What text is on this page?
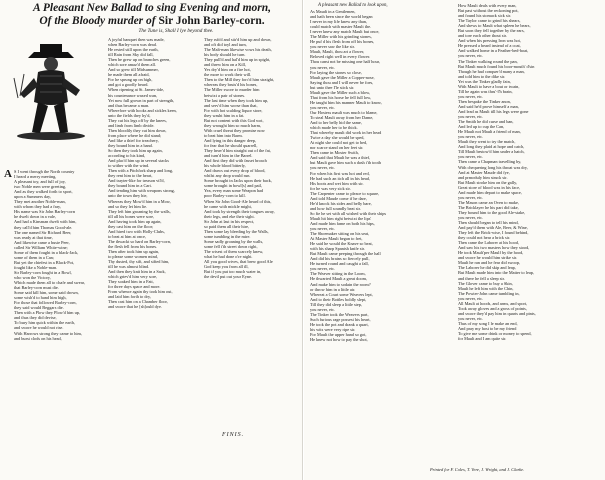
A Pleasant New Ballad to sing Evening and morn,
Of the Bloody murder of Sir John Barley-corn.
The Tune is, Shall I lye beyond thee.
A S I went through the North country
I heard a merry meeting,
A pleasant toy, and full of joy,
two Noble men were greeting,
And as they walked forth to sport,
upon a Summers day,
They met another Noble-man,
with whom they had a fray,
His name was Sir John Barley-corn
he dwelt down in a vale,
And had a Kinsman dwelt with him,
they call'd him Thomas Good-ale.
The one named Sir Richard Beer,
was ready at that time,
And likewise came a busie Peer,
called Sir William White-wine;
Some of them fought in a black-Jack,
some of them in a Can;
But yet the chiefest in a Black-Pot,
fought like a Noble-man.
Sir Barley-corn fought in a Bowl,
who won the Victory,
Which made them all to chafe and swear,
that Barley-corn must die.
Some said kill him, some said drown,
some wish'd to hand him high,
For those that followed Barley-corn,
they said would Beggars die.
Then with a Plow they Plow'd him up,
and thus they did devise,
To bury him quick within the earth,
and swore he would not rise.
With Harrows strong they came to him,
and burst clods on his head,
A joyful banquet then was made,
when Barley-corn was dead.
He rested still upon the earth,
till Rain from Sky did fall,
Then he grew up on branches green,
which sore amaz'd them all.
And so grew till Midsummer,
he made them all afraid,
For he sprung up on high,
and got a goodly beard.
When ripening at St. James-tide,
his countenance waxed wan,
Yet now full grown in part of strength,
and thus became a man.
Wherefore with hooks and sickles keen,
unto the fields they hy'd,
They cut his legs off by the knees,
and limb from limb divide.
Then bloodily they cut him down,
from place where he did stand;
And like a thief for treachery,
they bound him in a band.
So then they took him up again,
according to his kind,
And plac'd him up in several stacks
to wither with the wind.
Then with a Pitchfork sharp and long,
they rent him to the heart,
And trayter-like for treason vil'd,
they bound him in a Cart.
And tending him with weapons strong,
unto the town they hie,
Whereas they Mow'd him in a Mow,
and so they let him lie.
They left him groaning by the walls,
till all his bones were sore,
And having took him up again,
they cast him on the floor;
And hired two with Holly-Clubs,
to beat at him at once,
The thwackt so hard on Barley-corn,
the flesh fell from his bones.
Then after took him up again,
to please some women mind,
Thy dusted, thy sift, and sifted him,
till he was almost blind.
And then they knit him in a Sack,
which griev'd him very sore,
They soaked him in a Fatt,
for three days space and more.
From whence again thy took him out,
and laid him forth to dry,
Then cast him on a Chamber floor,
and swore that he [sh]ould dye.
They rub'd and stir'd him up and down,
and oft did toyl and turn,
The Malt-man likewise vows his death,
his body should he turn.
They pull'd and hal'd him up in spight,
and threw him on a Kill,
Yes dry'd him on a fire hot,
the more to work their will.
Then to the Mill they forc'd him straight,
whereas they bruis'd his bones,
The Miller swore to murder him
betwixt a pair of stones.
The last time when they took him up,
and serv'd him worse than that,
For with hot scalding liquor store,
they washt him in a fat.
But not content with this God wot,
they wrought him so much harm,
With cruel threat they promise now
to beat him into Barm.
And lying in this danger deep,
for fear that he should quarrell,
They heav'd him straight out of the fat,
and turn'd him in the Barrel.
And first they did with fasset broach
his whole blood bitterly,
And draws out every drop of blood,
whilst any drop would run.
Some brought in Jacks upon their back,
some brought in bowl[s] and pail,
Yea, every man some Weapon had
poor Barley-corn to kill.
When Sir John Good-Ale heard of this,
he came with mickle might,
And took by strength their tongues away,
their legs, and eke their sight.
Sir John at last in his respect,
so paid them all their hire,
Then some lay bleeding by the Walls,
some tumbling in the mire.
Some sadly groaning by the walls,
some fell i'th street down right,
The wisest of them scarcely knew,
what he had done o're night.
All you good wives, that brew good Ale
God keep you from all ill,
But if you put too much water in,
the devil put out your Eyne.
FINIS.
A pleasant new Ballad to look upon,
As Maudi in a Gentlemen,
and hath been since the world began
I never in my life knew any than,
could match with master Mault the.
I never knew any match Mault but once,
The Miller with his grinding stones,
He puf d his flesh from off his bones,
you never saw the like sir.
Mault, Mault, thou art a flower,
Beloved right well in every flower.
Thou canst not be missing one half hour,
you never, etc.
For laying the stones so close,
Mault gave the Miller a Copper-nose,
Saying thou and I will never be foes,
but unto thee I'le stick sir.
Mault gave the Miller such a blow,
That from his horse he fell full low,
He taught him his manner Mault to know,
you never, etc.
Our Hostess mault was much to blame,
To steal Mault away from her Dame,
And to her belly hid the same,
which made her to be thick.
That whereby mault did work in her head
Twice a day she would be sped,
At night she could not get to bed,
nor scarce stand on her feet sir.
Then came in Moster Swith,
And said that Mault he was a thief,
but Mault gave him such a dash i'th tooth
you never, etc.
For when his first was hot and red,
He had such an itch all in his head,
His boots and wet him with sir.
for he was very sick sir.
The Carpenter came to pleace to square,
And told Maude come if he dare,
He'd knock his sides and belly bare,
and how full soundly beat sir.
So fie he set with all wished with their ships
Mault hit him right betwixt the lips'
And made him fame on both his hips,
you never, etc.
The Shoemaker sitting on his seat,
At Master Mault began to fret,
He said he would the Knave so beat,
with his sharp Spanish knife sir.
But Mault came peeping through the hall
And did his brains so fiercely pull,
He turned round and caught a fall,
you never, etc.
The Weaver sitting in the Loom,
He thwarted Mault a great doom,
And make him to sodain the room?
or throw him in a little air.
Whereat a Court some Weavers lept,
And to their Bottles boldly slept,
Till they did sleep a little step,
you never, etc.
The Tinker took the Weavers part,
Such furious rage possest his heart,
He took the pot and drank a quart,
his wits were very ripe sir.
For Mault the upper hand so got,
He knew not how to pay the shot,
How Mault deals with every man,
But past without the reckoning pot,
and found his stomack sick sir.
The Taylor came to grind his shears,
And shews to Mault what spleen he bears,
But soon they fell together by the ears,
and tore each other thout sir.
And when his pressing Iron was hot,
He pressed a beard instead of a coat,
And walked home in a Feather-bed-boat,
you never, etc.
The Tinker walking round the pan,
But Mault much found his boor-mouth' d'sin
Though he had conquer'd many a man,
and told him to the dike sir.
Yet was the Tinker gladly fain,
With Mault to have a bout or twain,
Till he again was thru'-l'h brain,
you never, etc.
Then bespake the Tinker anon,
And said he'd prove himself a man,
And lead as Mault till his legs were gone
you never, etc.
The Smith he did curse and ban,
And led up to cup the Can,
He Mault not Mault a friend of man,
you never, etc.
Mault they went to try the match,
And long they plaid at hope and catch,
Till Mault bestow'd him under a hatch,
you never, etc.
Then came a Chapman travelling by,
With chequering long his throat was dry,
And at Master Maude did fye,
and prmoduly him struck sir.
But Mault stroke him on the gally,
Great store of blood was in his face,
And made him depart to make space,
you never, etc.
The Mason came an Oven to make,
The Bricklayer he his part did take,
They bound him to the good Ale-stake,
you never, etc.
Then should began to tell his mind,
And pay'd them with Ale, Beer, & Wine,
They left the Brick-wise, I found behind,
they could not hear a brick sir.
Then came the Laborer at his hood,
And saw his two masters how they stood,
He took Mault'per Maulf by the hood,
and swore he would him strike sir.
Mault he ran and he fear did swoop,
The Laborer he did skip and leap,
But Mault made him into the Matter to leap,
and there he fell a sleep sir.
The Glover came to buy a Skin,
Mault he left him with the Chin,
The Powter-John came tumbling in,
you never, etc.
All Mault at hoods, and arms, and sport,
Took away gloves and a gross of points,
and swore they'd pay him in quarts and pints,
you never, etc.
Thus of my song I le make an end,
And pray my host to be my friend
To give me some drink or money to spend,
for Mault and I am quite sir.
Printed for F. Coles, T. Vere, J. Wright, and J. Clarke.
